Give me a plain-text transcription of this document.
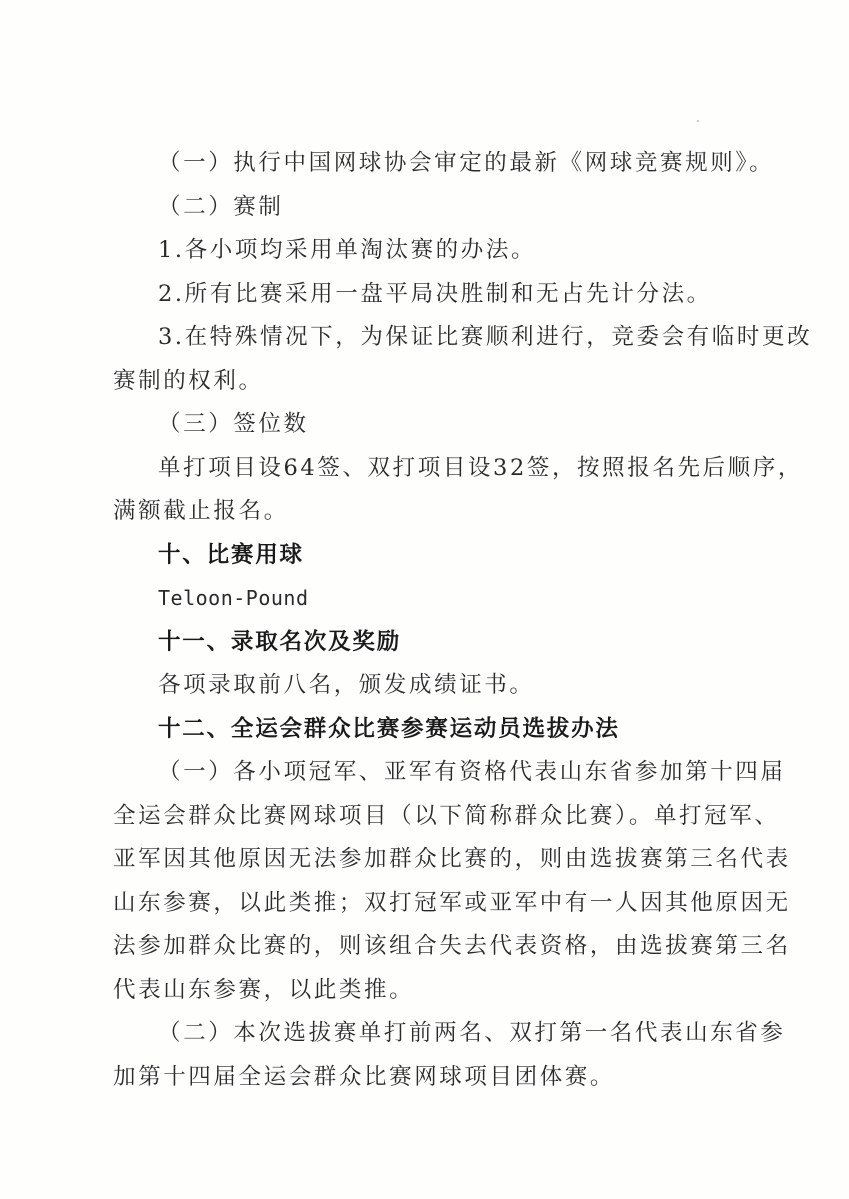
（一）执行中国网球协会审定的最新《网球竞赛规则》。
（二）赛制
1.各小项均采用单淘汰赛的办法。
2.所有比赛采用一盘平局决胜制和无占先计分法。
3.在特殊情况下，为保证比赛顺利进行，竞委会有临时更改
赛制的权利。
（三）签位数
单打项目设64签、双打项目设32签，按照报名先后顺序，
满额截止报名。
十、比赛用球
Teloon-Pound
十一、录取名次及奖励
各项录取前八名，颁发成绩证书。
十二、全运会群众比赛参赛运动员选拔办法
（一）各小项冠军、亚军有资格代表山东省参加第十四届
全运会群众比赛网球项目（以下简称群众比赛）。单打冠军、
亚军因其他原因无法参加群众比赛的，则由选拔赛第三名代表
山东参赛，以此类推；双打冠军或亚军中有一人因其他原因无
法参加群众比赛的，则该组合失去代表资格，由选拔赛第三名
代表山东参赛，以此类推。
（二）本次选拔赛单打前两名、双打第一名代表山东省参
加第十四届全运会群众比赛网球项目团体赛。
